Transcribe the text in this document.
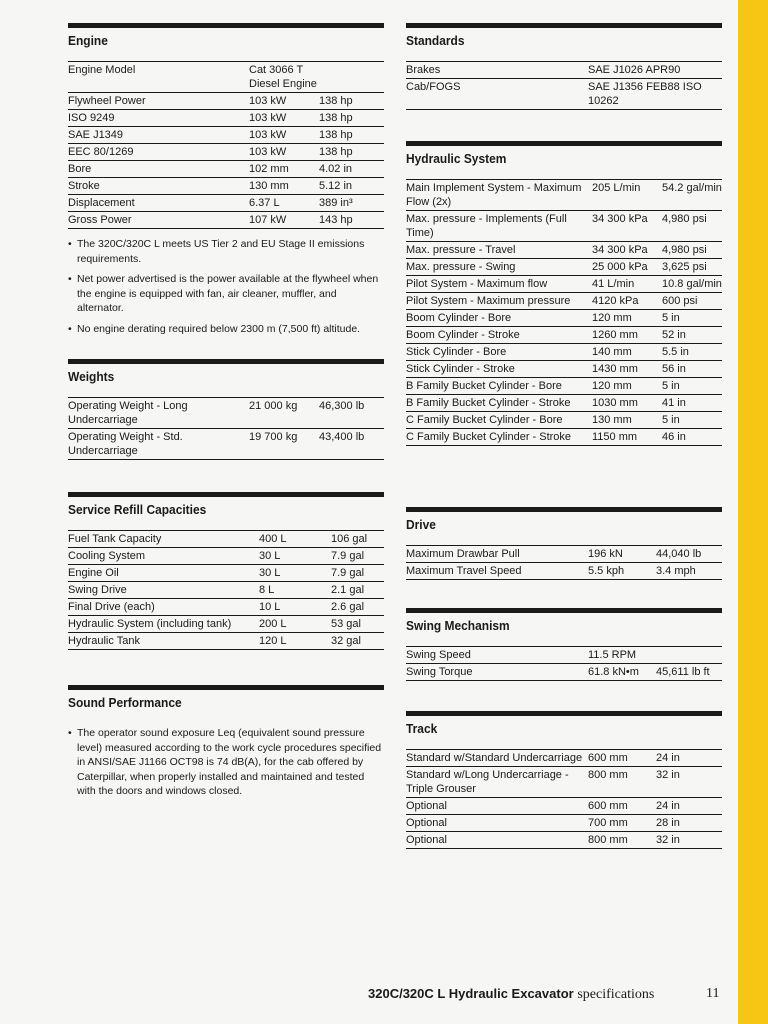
Engine
Engine Model	Cat 3066 T Diesel Engine	
Flywheel Power	103 kW	138 hp
ISO 9249	103 kW	138 hp
SAE J1349	103 kW	138 hp
EEC 80/1269	103 kW	138 hp
Bore	102 mm	4.02 in
Stroke	130 mm	5.12 in
Displacement	6.37 L	389 in³
Gross Power	107 kW	143 hp
• The 320C/320C L meets US Tier 2 and EU Stage II emissions requirements.
• Net power advertised is the power available at the flywheel when the engine is equipped with fan, air cleaner, muffler, and alternator.
• No engine derating required below 2300 m (7,500 ft) altitude.
Weights
Operating Weight - Long Undercarriage	21 000 kg	46,300 lb
Operating Weight - Std. Undercarriage	19 700 kg	43,400 lb
Service Refill Capacities
Fuel Tank Capacity	400 L	106 gal
Cooling System	30 L	7.9 gal
Engine Oil	30 L	7.9 gal
Swing Drive	8 L	2.1 gal
Final Drive (each)	10 L	2.6 gal
Hydraulic System (including tank)	200 L	53 gal
Hydraulic Tank	120 L	32 gal
Sound Performance
• The operator sound exposure Leq (equivalent sound pressure level) measured according to the work cycle procedures specified in ANSI/SAE J1166 OCT98 is 74 dB(A), for the cab offered by Caterpillar, when properly installed and maintained and tested with the doors and windows closed.
Standards
Brakes	SAE J1026 APR90
Cab/FOGS	SAE J1356 FEB88 ISO 10262
Hydraulic System
Main Implement System - Maximum Flow (2x)	205 L/min	54.2 gal/min
Max. pressure - Implements (Full Time)	34 300 kPa	4,980 psi
Max. pressure - Travel	34 300 kPa	4,980 psi
Max. pressure - Swing	25 000 kPa	3,625 psi
Pilot System - Maximum flow	41 L/min	10.8 gal/min
Pilot System - Maximum pressure	4120 kPa	600 psi
Boom Cylinder - Bore	120 mm	5 in
Boom Cylinder - Stroke	1260 mm	52 in
Stick Cylinder - Bore	140 mm	5.5 in
Stick Cylinder - Stroke	1430 mm	56 in
B Family Bucket Cylinder - Bore	120 mm	5 in
B Family Bucket Cylinder - Stroke	1030 mm	41 in
C Family Bucket Cylinder - Bore	130 mm	5 in
C Family Bucket Cylinder - Stroke	1150 mm	46 in
Drive
Maximum Drawbar Pull	196 kN	44,040 lb
Maximum Travel Speed	5.5 kph	3.4 mph
Swing Mechanism
Swing Speed	11.5 RPM	
Swing Torque	61.8 kN•m	45,611 lb ft
Track
Standard w/Standard Undercarriage	600 mm	24 in
Standard w/Long Undercarriage - Triple Grouser	800 mm	32 in
Optional	600 mm	24 in
Optional	700 mm	28 in
Optional	800 mm	32 in
320C/320C L Hydraulic Excavator specifications	11
